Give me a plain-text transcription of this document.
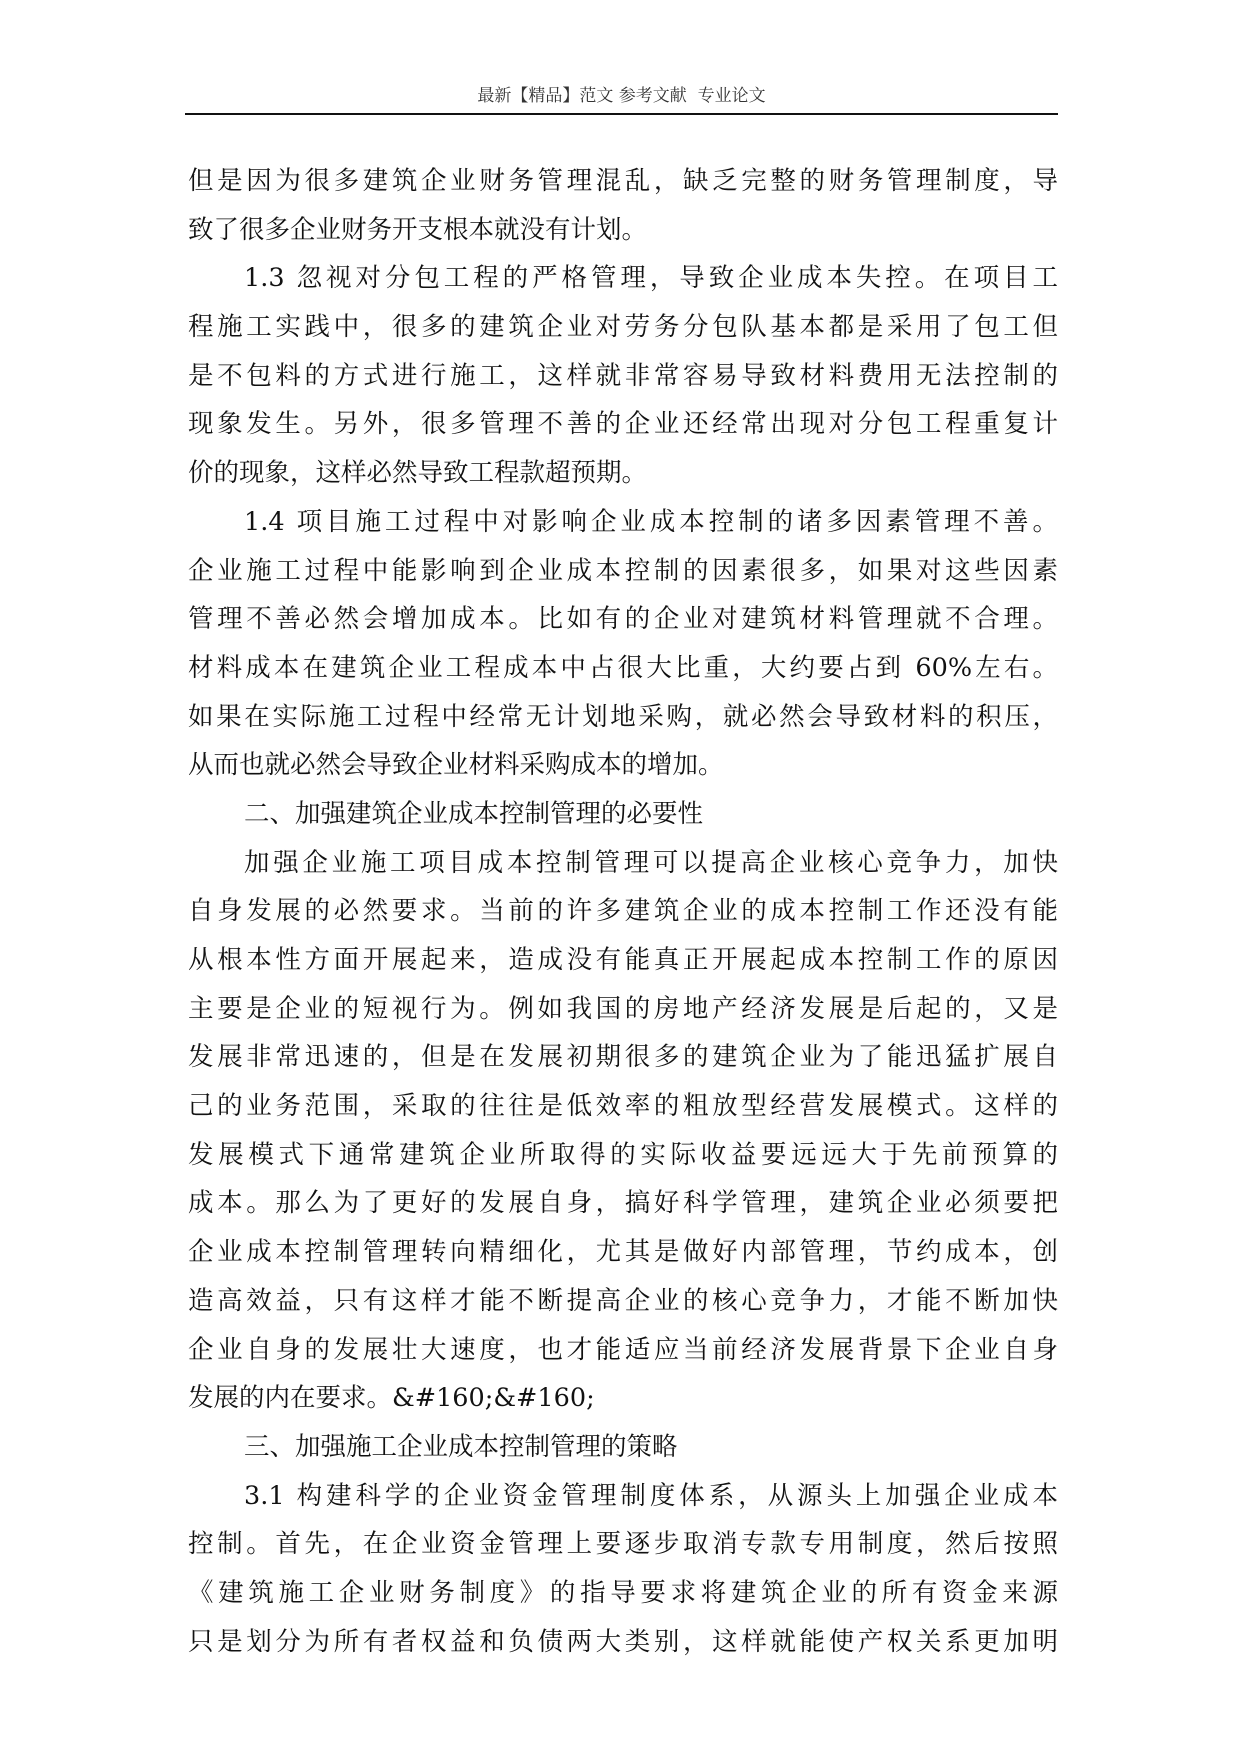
最新【精品】范文 参考文献  专业论文
但是因为很多建筑企业财务管理混乱，缺乏完整的财务管理制度，导
致了很多企业财务开支根本就没有计划。
1.3 忽视对分包工程的严格管理，导致企业成本失控。在项目工
程施工实践中，很多的建筑企业对劳务分包队基本都是采用了包工但
是不包料的方式进行施工，这样就非常容易导致材料费用无法控制的
现象发生。另外，很多管理不善的企业还经常出现对分包工程重复计
价的现象，这样必然导致工程款超预期。
1.4 项目施工过程中对影响企业成本控制的诸多因素管理不善。
企业施工过程中能影响到企业成本控制的因素很多，如果对这些因素
管理不善必然会增加成本。比如有的企业对建筑材料管理就不合理。
材料成本在建筑企业工程成本中占很大比重，大约要占到 60%左右。
如果在实际施工过程中经常无计划地采购，就必然会导致材料的积压，
从而也就必然会导致企业材料采购成本的增加。
二、加强建筑企业成本控制管理的必要性
加强企业施工项目成本控制管理可以提高企业核心竞争力，加快
自身发展的必然要求。当前的许多建筑企业的成本控制工作还没有能
从根本性方面开展起来，造成没有能真正开展起成本控制工作的原因
主要是企业的短视行为。例如我国的房地产经济发展是后起的，又是
发展非常迅速的，但是在发展初期很多的建筑企业为了能迅猛扩展自
己的业务范围，采取的往往是低效率的粗放型经营发展模式。这样的
发展模式下通常建筑企业所取得的实际收益要远远大于先前预算的
成本。那么为了更好的发展自身，搞好科学管理，建筑企业必须要把
企业成本控制管理转向精细化，尤其是做好内部管理，节约成本，创
造高效益，只有这样才能不断提高企业的核心竞争力，才能不断加快
企业自身的发展壮大速度，也才能适应当前经济发展背景下企业自身
发展的内在要求。&#160;&#160;
三、加强施工企业成本控制管理的策略
3.1 构建科学的企业资金管理制度体系，从源头上加强企业成本
控制。首先，在企业资金管理上要逐步取消专款专用制度，然后按照
《建筑施工企业财务制度》的指导要求将建筑企业的所有资金来源
只是划分为所有者权益和负债两大类别，这样就能使产权关系更加明
